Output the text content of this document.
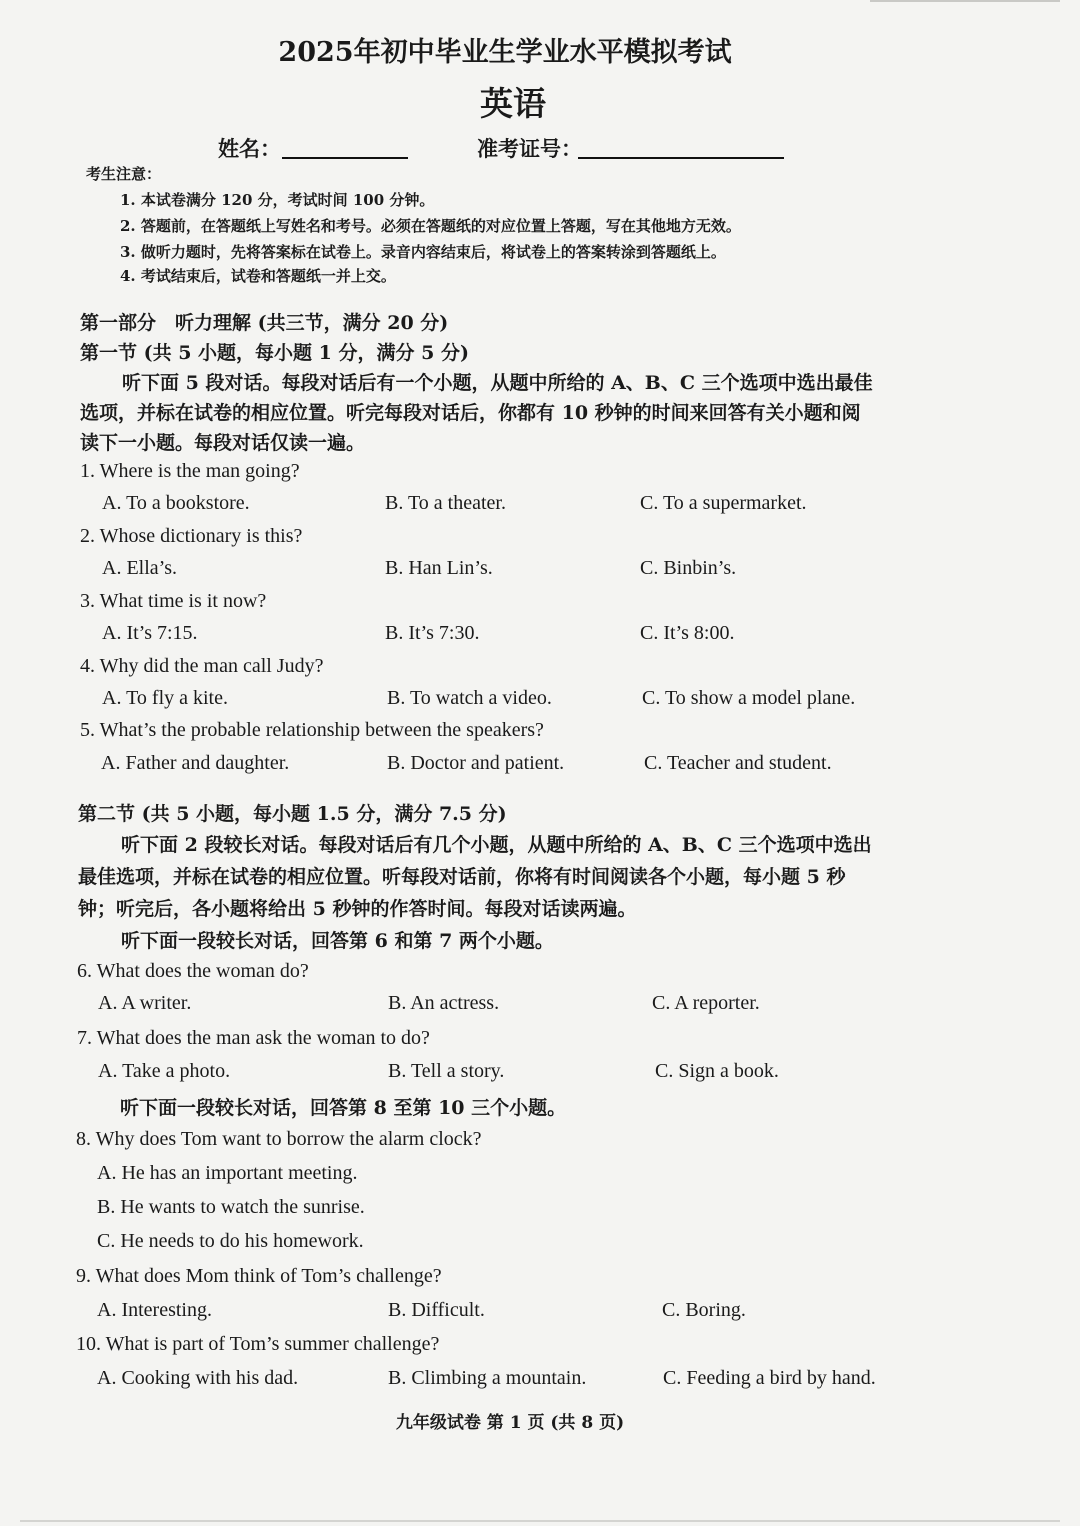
2025年初中毕业生学业水平模拟考试
英语
姓名：	准考证号：
考生注意：
1. 本试卷满分 120 分，考试时间 100 分钟。
2. 答题前，在答题纸上写姓名和考号。必须在答题纸的对应位置上答题，写在其他地方无效。
3. 做听力题时，先将答案标在试卷上。录音内容结束后，将试卷上的答案转涂到答题纸上。
4. 考试结束后，试卷和答题纸一并上交。
第一部分　听力理解 (共三节，满分 20 分)
第一节 (共 5 小题，每小题 1 分，满分 5 分)
听下面 5 段对话。每段对话后有一个小题，从题中所给的 A、B、C 三个选项中选出最佳
选项，并标在试卷的相应位置。听完每段对话后，你都有 10 秒钟的时间来回答有关小题和阅
读下一小题。每段对话仅读一遍。
1. Where is the man going?
A. To a bookstore.	B. To a theater.	C. To a supermarket.
2. Whose dictionary is this?
A. Ella’s.	B. Han Lin’s.	C. Binbin’s.
3. What time is it now?
A. It’s 7:15.	B. It’s 7:30.	C. It’s 8:00.
4. Why did the man call Judy?
A. To fly a kite.	B. To watch a video.	C. To show a model plane.
5. What’s the probable relationship between the speakers?
A. Father and daughter.	B. Doctor and patient.	C. Teacher and student.
第二节 (共 5 小题，每小题 1.5 分，满分 7.5 分)
听下面 2 段较长对话。每段对话后有几个小题，从题中所给的 A、B、C 三个选项中选出
最佳选项，并标在试卷的相应位置。听每段对话前，你将有时间阅读各个小题，每小题 5 秒
钟；听完后，各小题将给出 5 秒钟的作答时间。每段对话读两遍。
听下面一段较长对话，回答第 6 和第 7 两个小题。
6. What does the woman do?
A. A writer.	B. An actress.	C. A reporter.
7. What does the man ask the woman to do?
A. Take a photo.	B. Tell a story.	C. Sign a book.
听下面一段较长对话，回答第 8 至第 10 三个小题。
8. Why does Tom want to borrow the alarm clock?
A. He has an important meeting.
B. He wants to watch the sunrise.
C. He needs to do his homework.
9. What does Mom think of Tom’s challenge?
A. Interesting.	B. Difficult.	C. Boring.
10. What is part of Tom’s summer challenge?
A. Cooking with his dad.	B. Climbing a mountain.	C. Feeding a bird by hand.
九年级试卷 第 1 页 (共 8 页)
